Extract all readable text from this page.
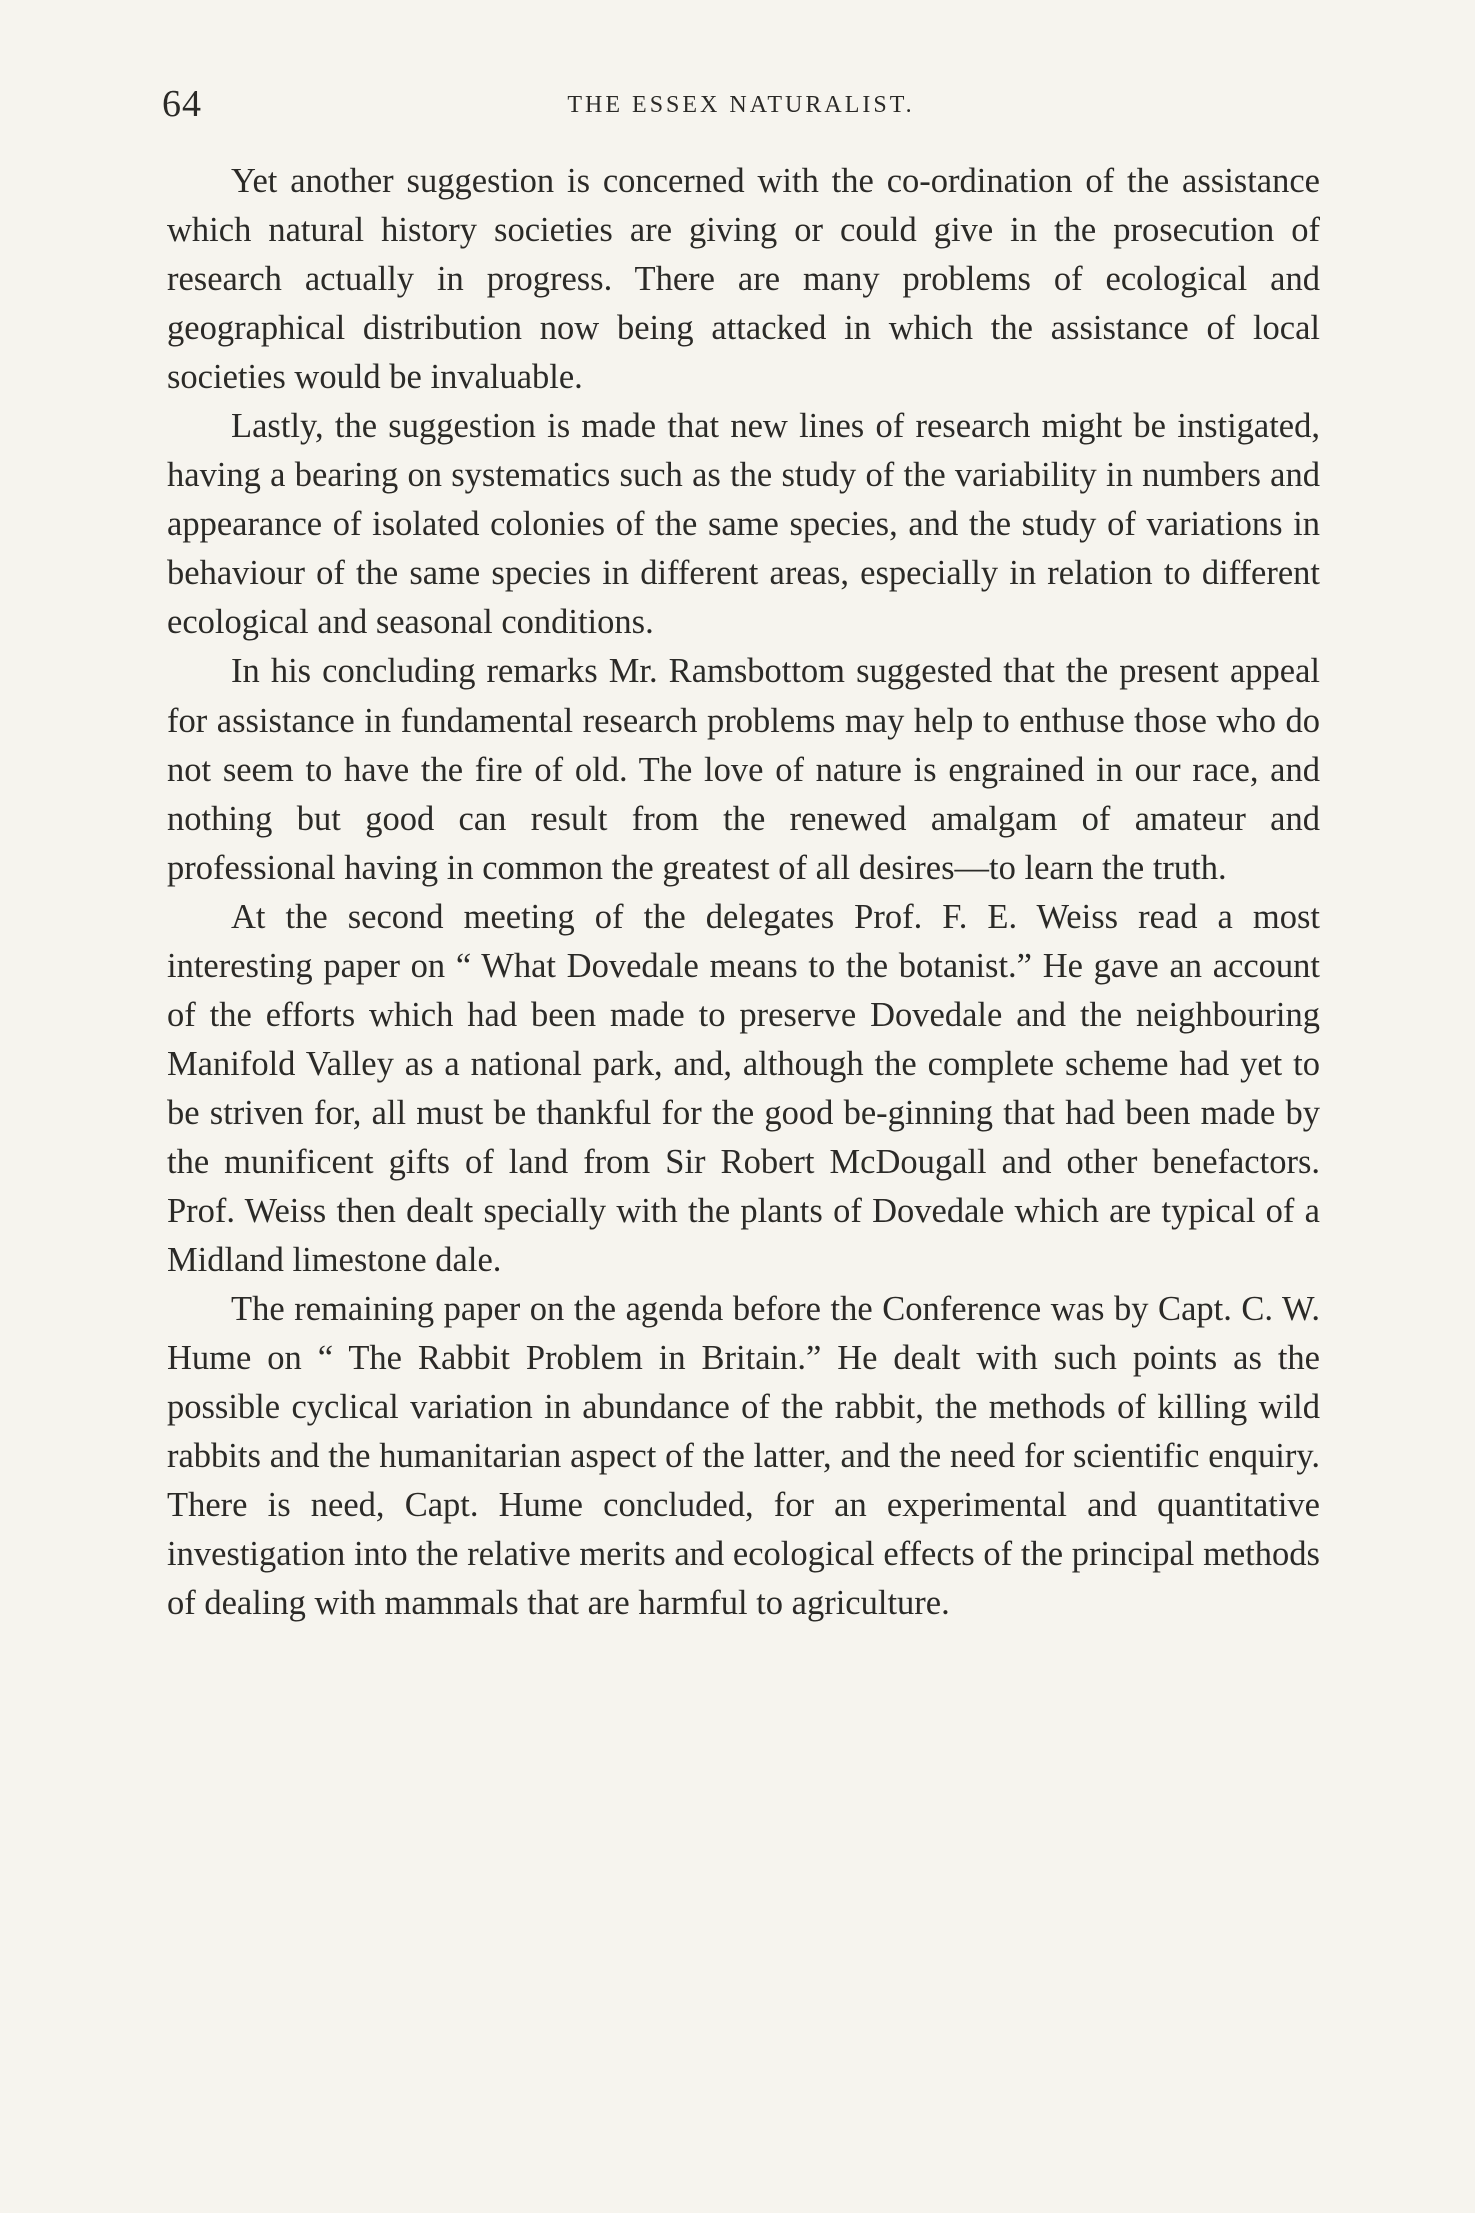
64	THE ESSEX NATURALIST.

Yet another suggestion is concerned with the co-ordination of the assistance which natural history societies are giving or could give in the prosecution of research actually in progress. There are many problems of ecological and geographical distribution now being attacked in which the assistance of local societies would be invaluable.

Lastly, the suggestion is made that new lines of research might be instigated, having a bearing on systematics such as the study of the variability in numbers and appearance of isolated colonies of the same species, and the study of variations in behaviour of the same species in different areas, especially in relation to different ecological and seasonal conditions.

In his concluding remarks Mr. Ramsbottom suggested that the present appeal for assistance in fundamental research problems may help to enthuse those who do not seem to have the fire of old. The love of nature is engrained in our race, and nothing but good can result from the renewed amalgam of amateur and professional having in common the greatest of all desires—to learn the truth.

At the second meeting of the delegates Prof. F. E. Weiss read a most interesting paper on “ What Dovedale means to the botanist.” He gave an account of the efforts which had been made to preserve Dovedale and the neighbouring Manifold Valley as a national park, and, although the complete scheme had yet to be striven for, all must be thankful for the good be-ginning that had been made by the munificent gifts of land from Sir Robert McDougall and other benefactors. Prof. Weiss then dealt specially with the plants of Dovedale which are typical of a Midland limestone dale.

The remaining paper on the agenda before the Conference was by Capt. C. W. Hume on “ The Rabbit Problem in Britain.” He dealt with such points as the possible cyclical variation in abundance of the rabbit, the methods of killing wild rabbits and the humanitarian aspect of the latter, and the need for scientific enquiry. There is need, Capt. Hume concluded, for an experimental and quantitative investigation into the relative merits and ecological effects of the principal methods of dealing with mammals that are harmful to agriculture.
